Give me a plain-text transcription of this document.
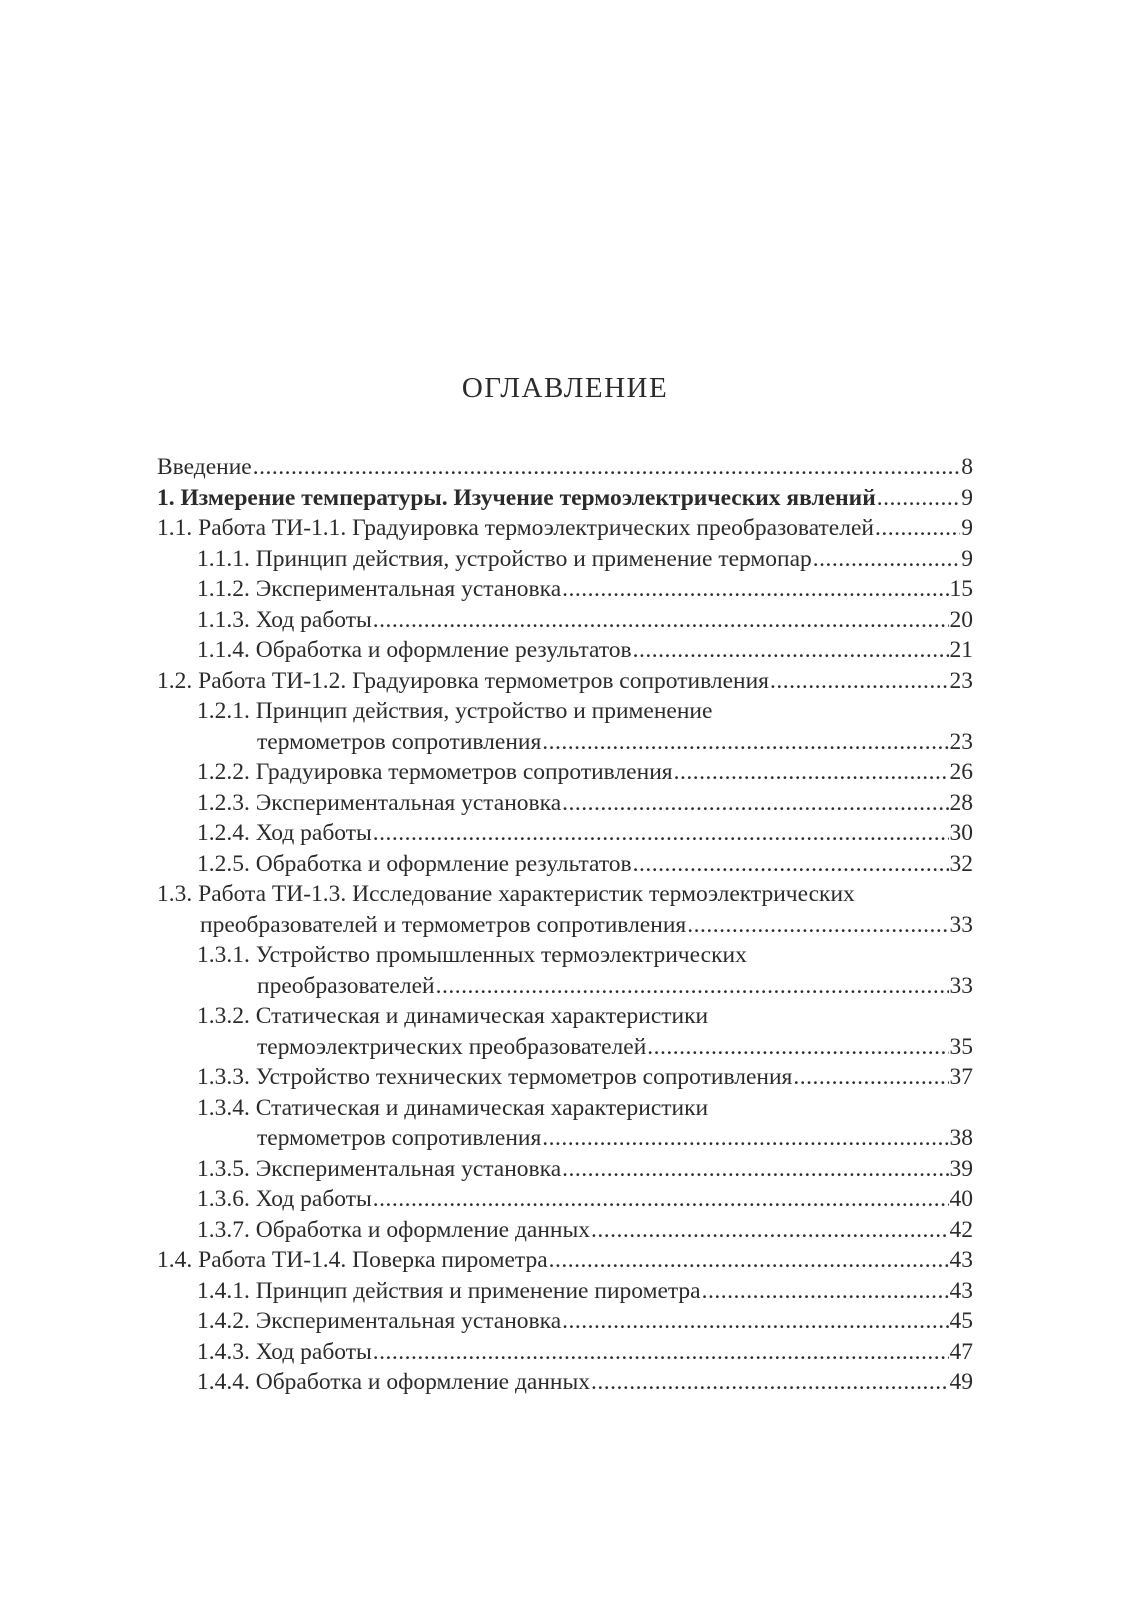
ОГЛАВЛЕНИЕ
Введение .....	8
1. Измерение температуры. Изучение термоэлектрических явлений .....	9
1.1. Работа ТИ-1.1. Градуировка термоэлектрических преобразователей .....	9
1.1.1. Принцип действия, устройство и применение термопар .....	9
1.1.2. Экспериментальная установка .....	15
1.1.3. Ход работы .....	20
1.1.4. Обработка и оформление результатов .....	21
1.2. Работа ТИ-1.2. Градуировка термометров сопротивления .....	23
1.2.1. Принцип действия, устройство и применение
термометров сопротивления .....	23
1.2.2. Градуировка термометров сопротивления .....	26
1.2.3. Экспериментальная установка .....	28
1.2.4. Ход работы .....	30
1.2.5. Обработка и оформление результатов .....	32
1.3. Работа ТИ-1.3. Исследование характеристик термоэлектрических
преобразователей и термометров сопротивления .....	33
1.3.1. Устройство промышленных термоэлектрических
преобразователей .....	33
1.3.2. Статическая и динамическая характеристики
термоэлектрических преобразователей .....	35
1.3.3. Устройство технических термометров сопротивления .....	37
1.3.4. Статическая и динамическая характеристики
термометров сопротивления .....	38
1.3.5. Экспериментальная установка .....	39
1.3.6. Ход работы .....	40
1.3.7. Обработка и оформление данных .....	42
1.4. Работа ТИ-1.4. Поверка пирометра .....	43
1.4.1. Принцип действия и применение пирометра .....	43
1.4.2. Экспериментальная установка .....	45
1.4.3. Ход работы .....	47
1.4.4. Обработка и оформление данных .....	49
